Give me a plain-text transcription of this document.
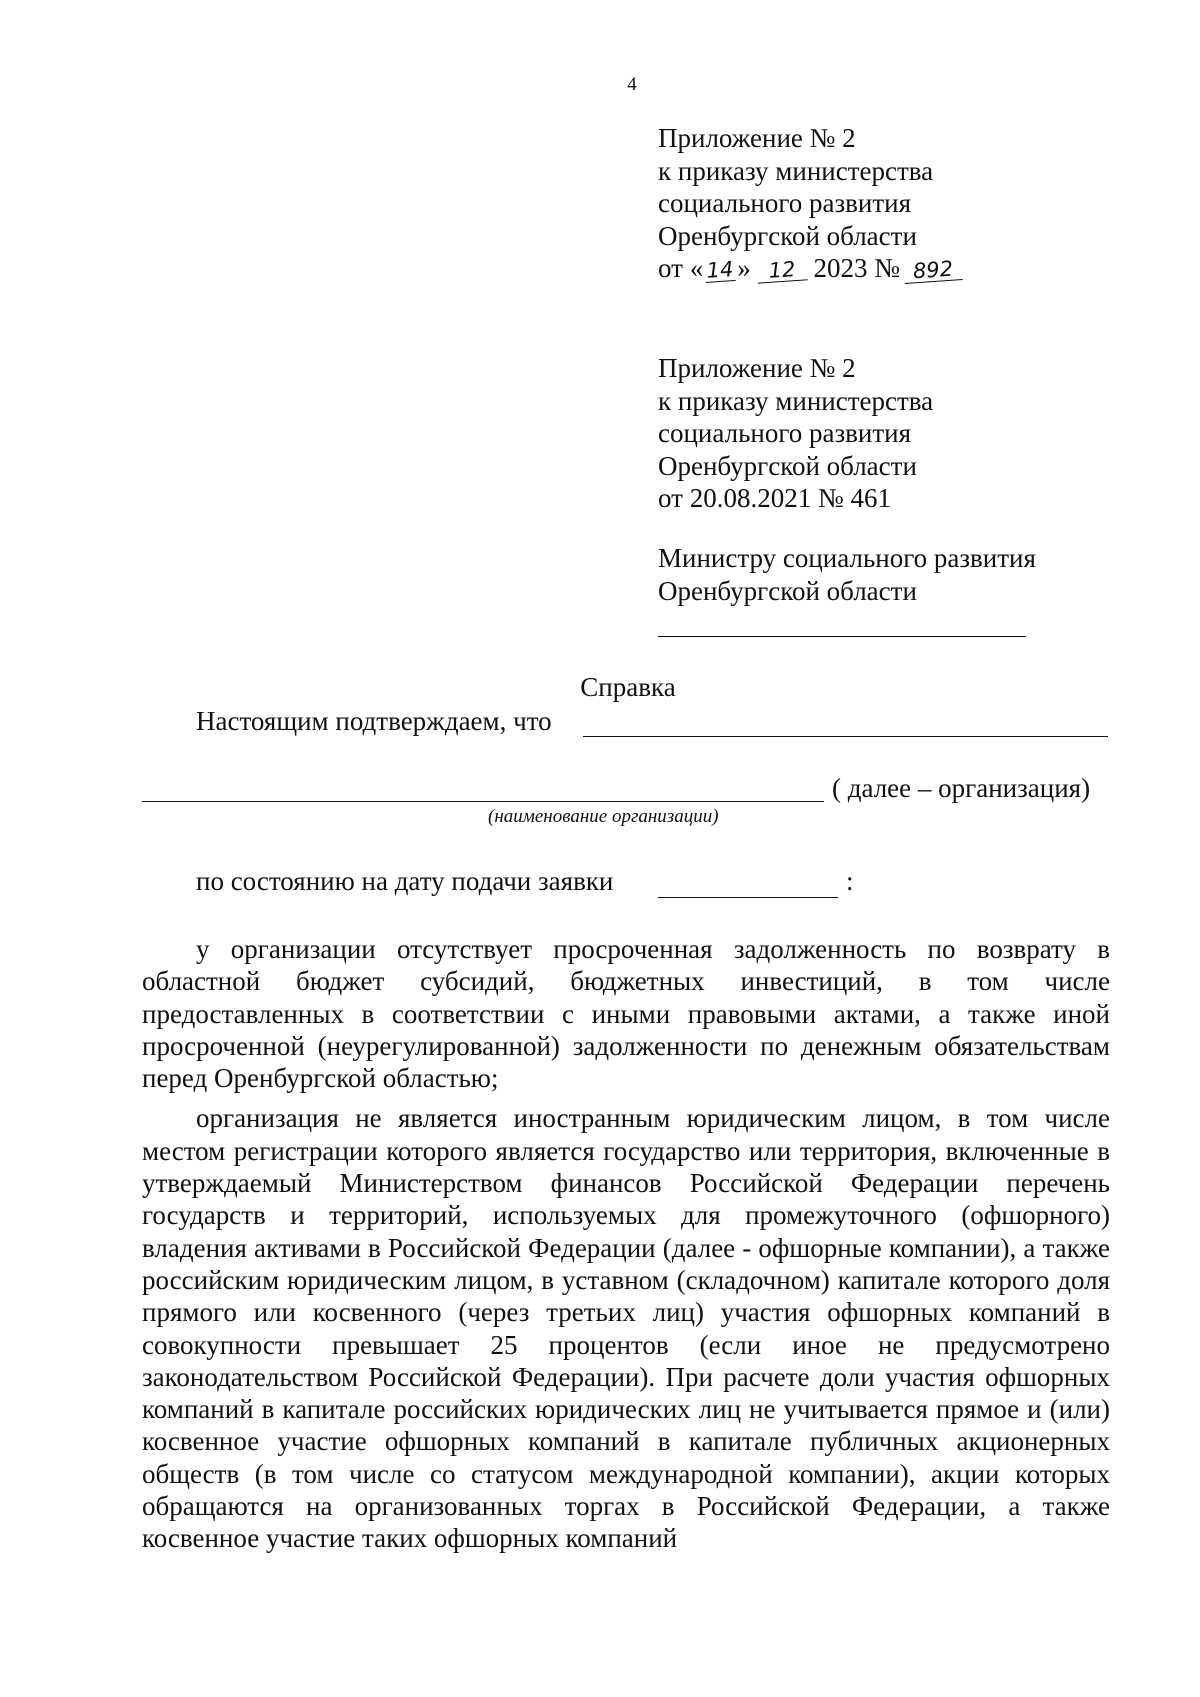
4
Приложение № 2
к приказу министерства
социального развития
Оренбургской области
от « 14 » 12 2023 № 892
Приложение № 2
к приказу министерства
социального развития
Оренбургской области
от 20.08.2021 № 461
Министру социального развития
Оренбургской области
Справка
Настоящим подтверждаем, что
( далее – организация)
(наименование организации)
по состоянию на дату подачи заявки	:

у организации отсутствует просроченная задолженность по возврату в областной бюджет субсидий, бюджетных инвестиций, в том числе предоставленных в соответствии с иными правовыми актами, а также иной просроченной (неурегулированной) задолженности по денежным обязательствам перед Оренбургской областью;

организация не является иностранным юридическим лицом, в том числе местом регистрации которого является государство или территория, включенные в утверждаемый Министерством финансов Российской Федерации перечень государств и территорий, используемых для промежуточного (офшорного) владения активами в Российской Федерации (далее - офшорные компании), а также российским юридическим лицом, в уставном (складочном) капитале которого доля прямого или косвенного (через третьих лиц) участия офшорных компаний в совокупности превышает 25 процентов (если иное не предусмотрено законодательством Российской Федерации). При расчете доли участия офшорных компаний в капитале российских юридических лиц не учитывается прямое и (или) косвенное участие офшорных компаний в капитале публичных акционерных обществ (в том числе со статусом международной компании), акции которых обращаются на организованных торгах в Российской Федерации, а также косвенное участие таких офшорных компаний
